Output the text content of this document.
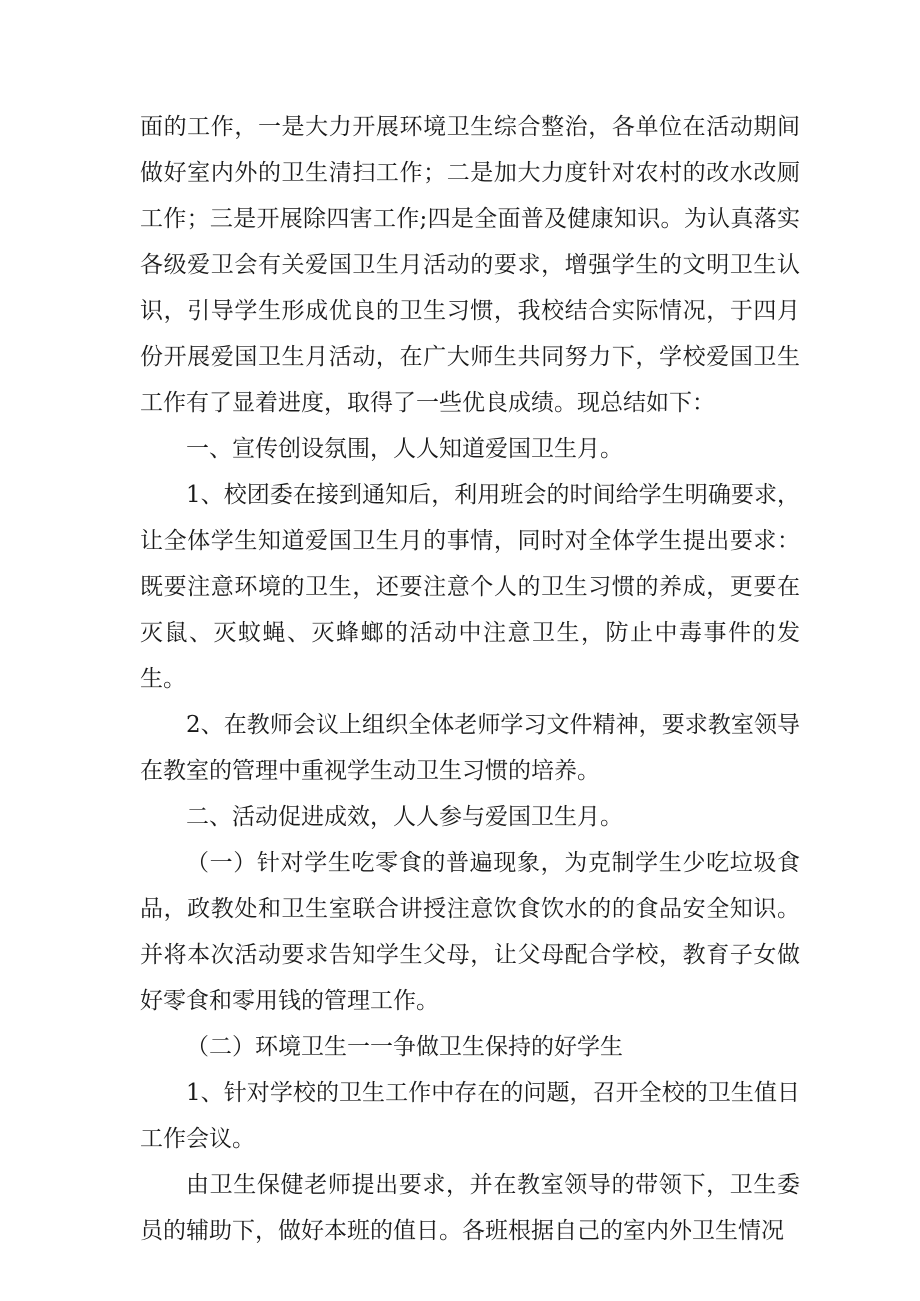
面的工作，一是大力开展环境卫生综合整治，各单位在活动期间做好室内外的卫生清扫工作；二是加大力度针对农村的改水改厕工作；三是开展除四害工作;四是全面普及健康知识。为认真落实各级爱卫会有关爱国卫生月活动的要求，增强学生的文明卫生认识，引导学生形成优良的卫生习惯，我校结合实际情况，于四月份开展爱国卫生月活动，在广大师生共同努力下，学校爱国卫生工作有了显着进度，取得了一些优良成绩。现总结如下：

一、宣传创设氛围，人人知道爱国卫生月。

1、校团委在接到通知后，利用班会的时间给学生明确要求，让全体学生知道爱国卫生月的事情，同时对全体学生提出要求：既要注意环境的卫生，还要注意个人的卫生习惯的养成，更要在灭鼠、灭蚊蝇、灭蜂螂的活动中注意卫生，防止中毒事件的发生。

2、在教师会议上组织全体老师学习文件精神，要求教室领导在教室的管理中重视学生动卫生习惯的培养。

二、活动促进成效，人人参与爱国卫生月。

（一）针对学生吃零食的普遍现象，为克制学生少吃垃圾食品，政教处和卫生室联合讲授注意饮食饮水的的食品安全知识。并将本次活动要求告知学生父母，让父母配合学校，教育子女做好零食和零用钱的管理工作。

（二）环境卫生一一争做卫生保持的好学生

1、针对学校的卫生工作中存在的问题，召开全校的卫生值日工作会议。

由卫生保健老师提出要求，并在教室领导的带领下，卫生委员的辅助下，做好本班的值日。各班根据自己的室内外卫生情况
